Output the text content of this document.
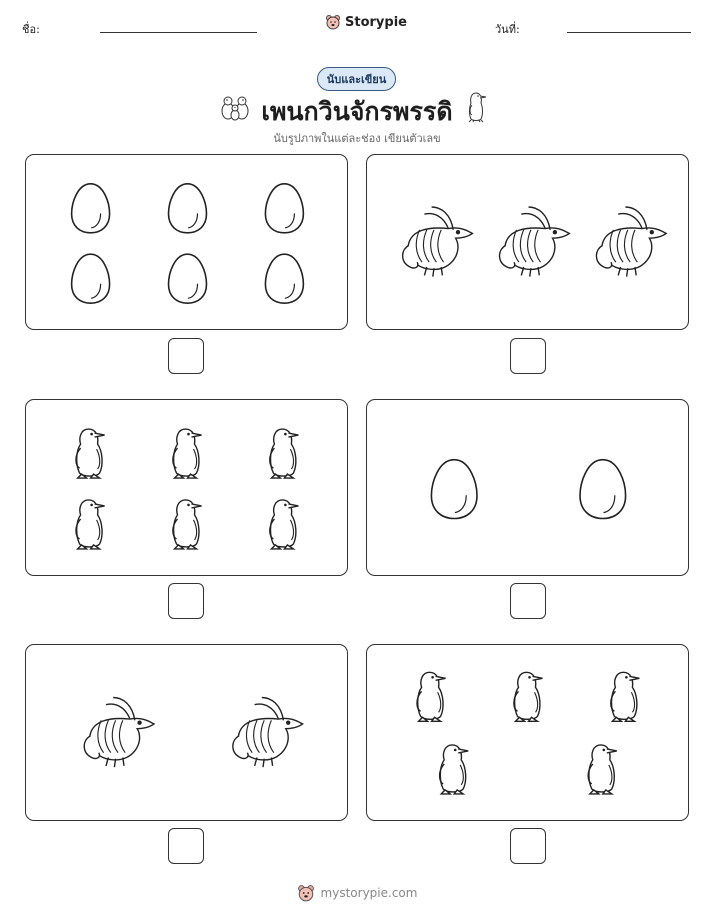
ชื่อ:	Storypie	วันที่:
นับและเขียน
เพนกวินจักรพรรดิ
นับรูปภาพในแต่ละช่อง เขียนตัวเลข
mystorypie.com
